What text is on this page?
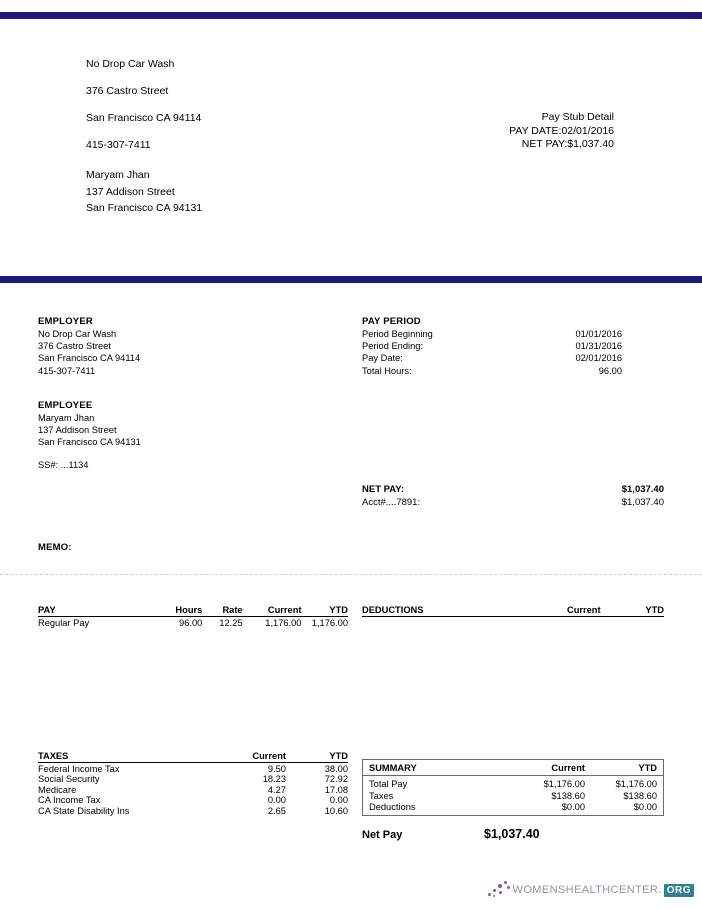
No Drop Car Wash

376 Castro Street

San Francisco CA 94114

415-307-7411

Pay Stub Detail
PAY DATE:02/01/2016
NET PAY:$1,037.40
Maryam Jhan
137 Addison Street
San Francisco CA 94131
EMPLOYER
No Drop Car Wash
376 Castro Street
San Francisco CA 94114
415-307-7411
EMPLOYEE
Maryam Jhan
137 Addison Street
San Francisco CA 94131
SS#: ...1134
MEMO:
PAY PERIOD
Period Beginning	01/01/2016
Period Ending:	01/31/2016
Pay Date:	02/01/2016
Total Hours:	96.00
NET PAY:	$1,037.40
Acct#....7891:	$1,037.40
PAY	Hours	Rate	Current	YTD
Regular Pay	96.00	12.25	1,176.00	1,176.00
DEDUCTIONS	Current	YTD
TAXES	Current	YTD
Federal Income Tax	9.50	38.00
Social Security	18.23	72.92
Medicare	4.27	17.08
CA Income Tax	0.00	0.00
CA State Disability Ins	2.65	10.60
SUMMARY	Current	YTD
Total Pay	$1,176.00	$1,176.00
Taxes	$138.60	$138.60
Deductions	$0.00	$0.00
Net Pay	$1,037.40
WOMENSHEALTHCENTER. ORG
